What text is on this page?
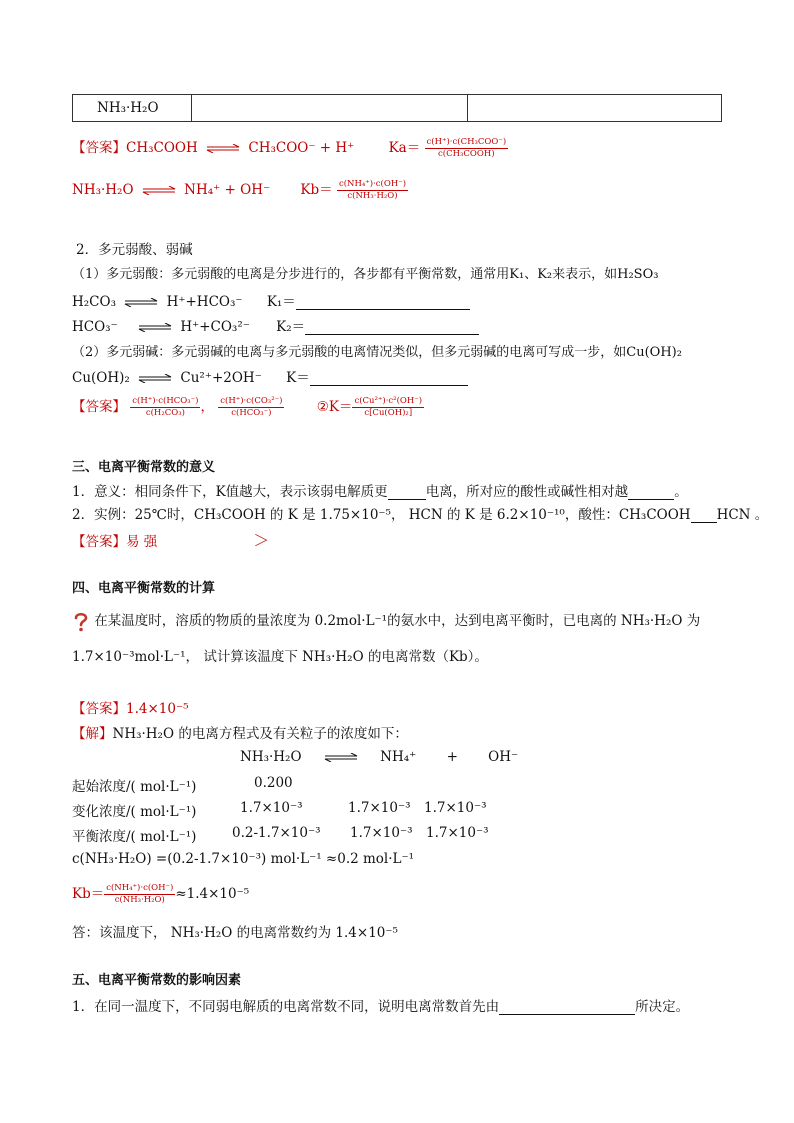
NH₃·H₂O		
【答案】CH₃COOH ⇌ CH₃COO⁻ + H⁺	$Ka= \frac{\text{c(H⁺)·c(CH₃COO⁻)}}{\text{c(CH₃COOH)}}$
NH₃·H₂O ⇌ NH₄⁺ + OH⁻ $Kb= \frac{\text{c(NH₄⁺)·c(OH⁻)}}{\text{c(NH₃·H₂O)}}$
2．多元弱酸、弱碱
（1）多元弱酸：多元弱酸的电离是分步进行的，各步都有平衡常数，通常用K₁、K₂来表示，如H₂SO₃
H₂CO₃ ⇌ H⁺+HCO₃⁻ K₁＝
HCO₃⁻ ⇌ H⁺+CO₃²⁻ K₂＝
（2）多元弱碱：多元弱碱的电离与多元弱酸的电离情况类似，但多元弱碱的电离可写成一步，如Cu(OH)₂
Cu(OH)₂ ⇌ Cu²⁺+2OH⁻ K＝
【答案】 $\frac{\text{c(H⁺)·c(HCO₃⁻)}}{\text{c(H₂CO₃)}}$ ， $\frac{\text{c(H⁺)·c(CO₃²⁻)}}{\text{c(HCO₃⁻)}}$ ②K＝ $\frac{\text{c(Cu²⁺)·c²(OH⁻)}}{\text{c[Cu(OH)₂]}}$
三、电离平衡常数的意义
1．意义：相同条件下，K值越大，表示该弱电解质更	电离，所对应的酸性或碱性相对越	。
2．实例：25℃时，CH₃COOH 的 K 是 1.75×10⁻⁵， HCN 的 K 是 6.2×10⁻¹⁰，酸性：CH₃COOH HCN 。
【答案】易 强	＞
四、电离平衡常数的计算
在某温度时，溶质的物质的量浓度为 0.2mol·L⁻¹的氨水中，达到电离平衡时，已电离的 NH₃·H₂O 为
1.7×10⁻³mol·L⁻¹， 试计算该温度下 NH₃·H₂O 的电离常数（Kb）。
【答案】1.4×10⁻⁵
【解】NH₃·H₂O 的电离方程式及有关粒子的浓度如下：
NH₃·H₂O	NH₄⁺ + OH⁻
起始浓度/( mol·L⁻¹)	0.200
变化浓度/( mol·L⁻¹)	1.7×10⁻³	1.7×10⁻³ 1.7×10⁻³
平衡浓度/( mol·L⁻¹)	0.2-1.7×10⁻³ 1.7×10⁻³ 1.7×10⁻³
c(NH₃·H₂O) =(0.2-1.7×10⁻³) mol·L⁻¹ ≈0.2 mol·L⁻¹
$Kb= \frac{\text{c(NH₄⁺)·c(OH⁻)}}{\text{c(NH₃·H₂O)}} \approx 1.4\times 10^{-5}$
答：该温度下， NH₃·H₂O 的电离常数约为 1.4×10⁻⁵
五、电离平衡常数的影响因素
1．在同一温度下，不同弱电解质的电离常数不同，说明电离常数首先由	所决定。
